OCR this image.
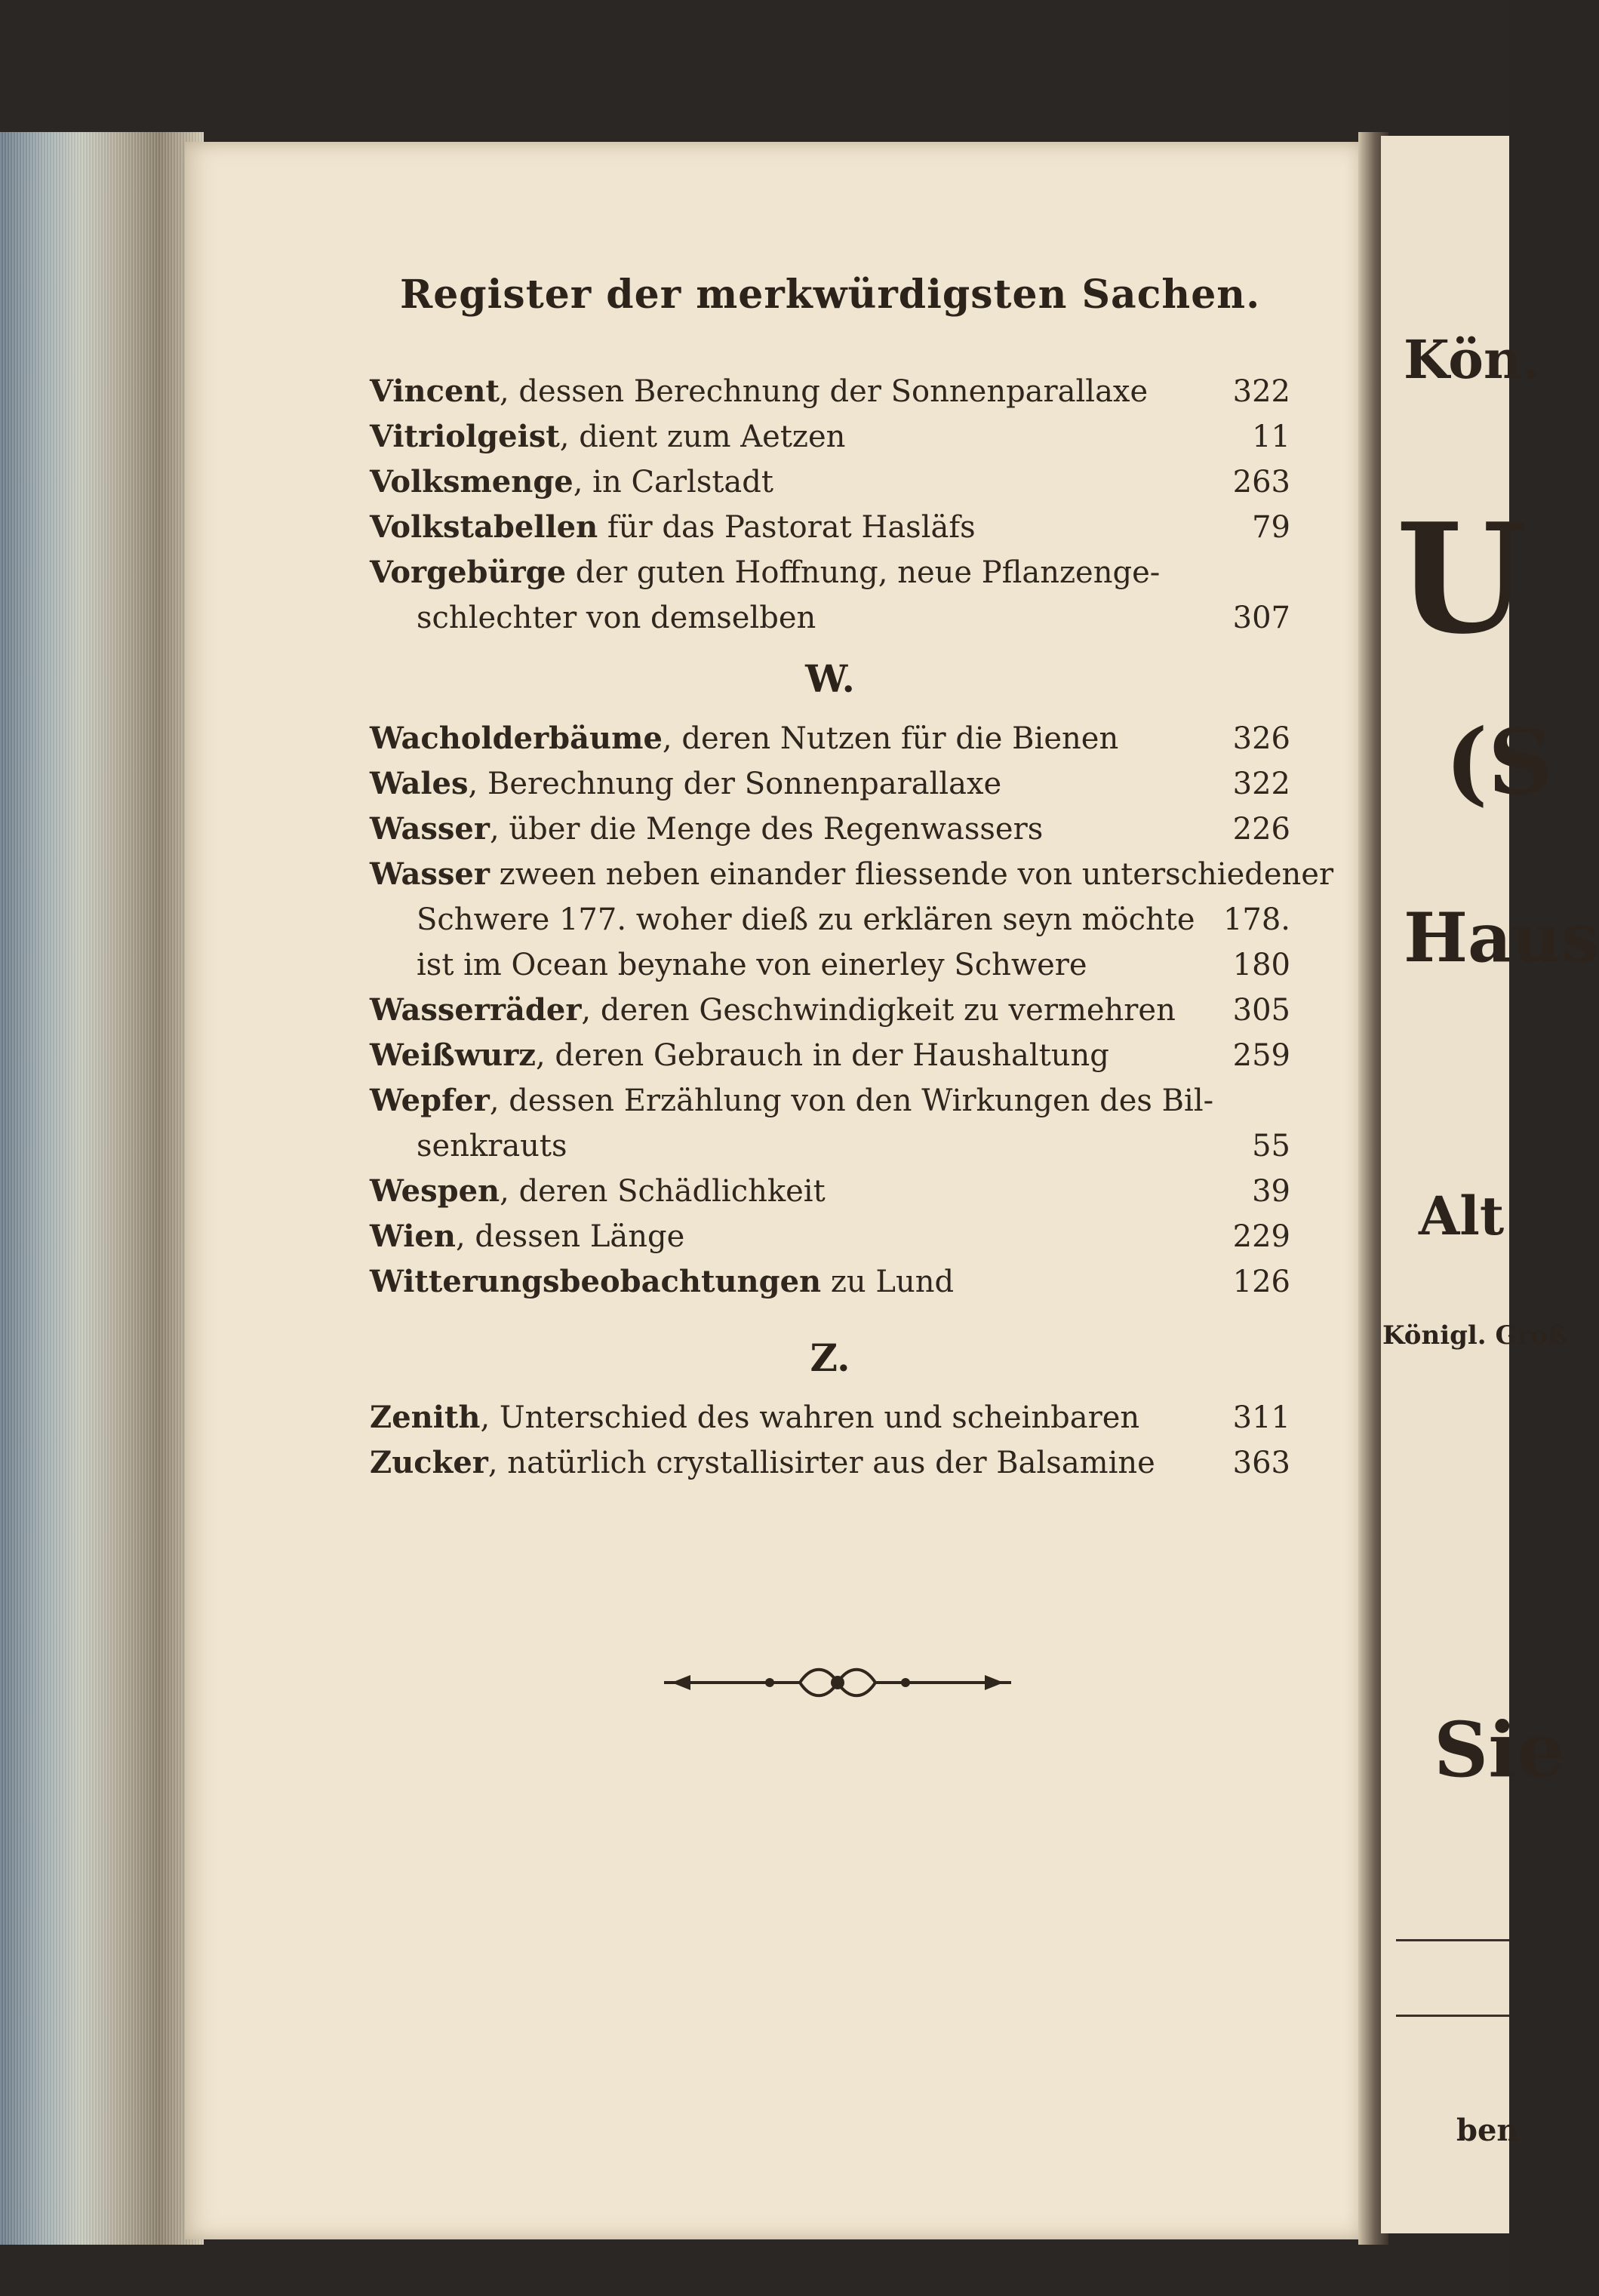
Register der merkwürdigsten Sachen.
W.
Z.
Vincent, dessen Berechnung der Sonnenparallaxe	322
Vitriolgeist, dient zum Aetzen	11
Volksmenge, in Carlstadt	263
Volkstabellen für das Pastorat Hasläfs	79
Vorgebürge der guten Hoffnung, neue Pflanzenge-
schlechter von demselben	307
Wacholderbäume, deren Nutzen für die Bienen	326
Wales, Berechnung der Sonnenparallaxe	322
Wasser, über die Menge des Regenwassers	226
Wasser zween neben einander fliessende von unterschiedener
Schwere 177. woher dieß zu erklären seyn möchte 178.
ist im Ocean beynahe von einerley Schwere	180
Wasserräder, deren Geschwindigkeit zu vermehren	305
Weißwurz, deren Gebrauch in der Haushaltung	259
Wepfer, dessen Erzählung von den Wirkungen des Bil-
senkrauts	55
Wespen, deren Schädlichkeit	39
Wien, dessen Länge	229
Witterungsbeobachtungen zu Lund	126
Zenith, Unterschied des wahren und scheinbaren	311
Zucker, natürlich crystallisirter aus der Balsamine	363
Kön.
U
(S
Haus
Alt
Königl. Groß
Sie
ben
